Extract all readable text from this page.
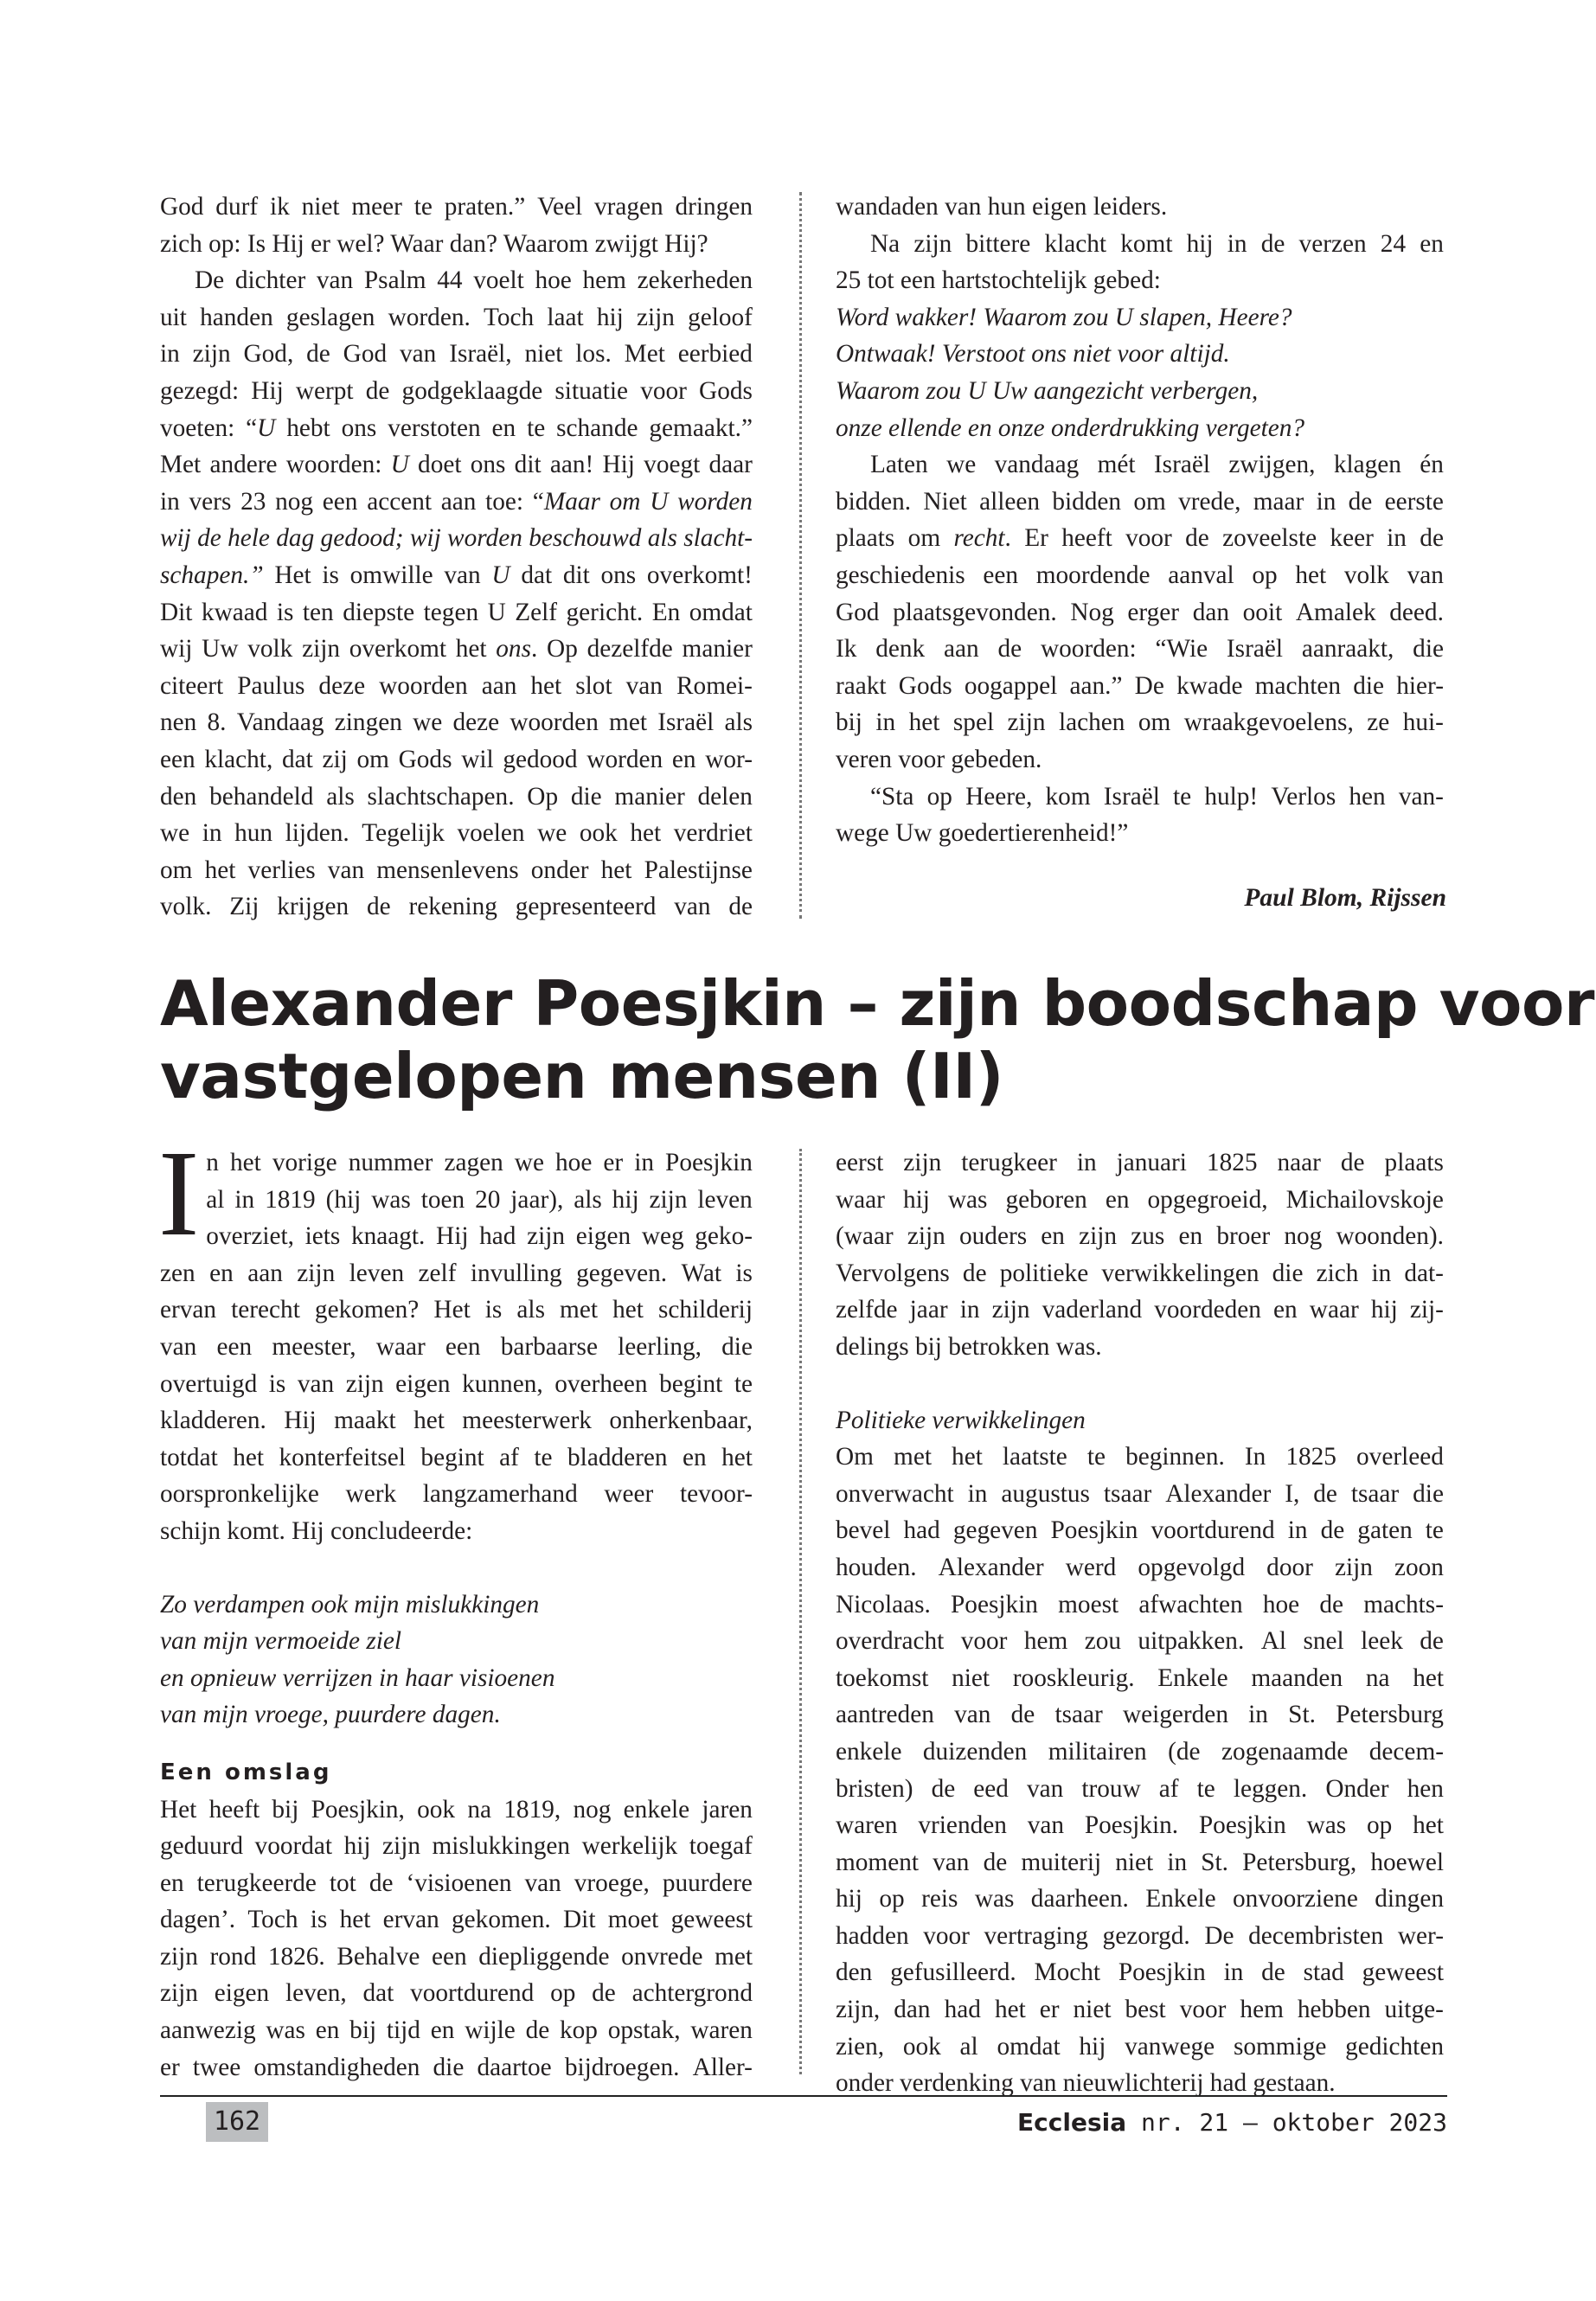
God durf ik niet meer te praten.” Veel vragen dringen
zich op: Is Hij er wel? Waar dan? Waarom zwijgt Hij?
De dichter van Psalm 44 voelt hoe hem zekerheden
uit handen geslagen worden. Toch laat hij zijn geloof
in zijn God, de God van Israël, niet los. Met eerbied
gezegd: Hij werpt de godgeklaagde situatie voor Gods
voeten: “U hebt ons verstoten en te schande gemaakt.”
Met andere woorden: U doet ons dit aan! Hij voegt daar
in vers 23 nog een accent aan toe: “Maar om U worden
wij de hele dag gedood; wij worden beschouwd als slacht-
schapen.” Het is omwille van U dat dit ons overkomt!
Dit kwaad is ten diepste tegen U Zelf gericht. En omdat
wij Uw volk zijn overkomt het ons. Op dezelfde manier
citeert Paulus deze woorden aan het slot van Romei-
nen 8. Vandaag zingen we deze woorden met Israël als
een klacht, dat zij om Gods wil gedood worden en wor-
den behandeld als slachtschapen. Op die manier delen
we in hun lijden. Tegelijk voelen we ook het verdriet
om het verlies van mensenlevens onder het Palestijnse
volk. Zij krijgen de rekening gepresenteerd van de
wandaden van hun eigen leiders.
Na zijn bittere klacht komt hij in de verzen 24 en
25 tot een hartstochtelijk gebed:
Word wakker! Waarom zou U slapen, Heere?
Ontwaak! Verstoot ons niet voor altijd.
Waarom zou U Uw aangezicht verbergen,
onze ellende en onze onderdrukking vergeten?
Laten we vandaag mét Israël zwijgen, klagen én
bidden. Niet alleen bidden om vrede, maar in de eerste
plaats om recht. Er heeft voor de zoveelste keer in de
geschiedenis een moordende aanval op het volk van
God plaatsgevonden. Nog erger dan ooit Amalek deed.
Ik denk aan de woorden: “Wie Israël aanraakt, die
raakt Gods oogappel aan.” De kwade machten die hier-
bij in het spel zijn lachen om wraakgevoelens, ze hui-
veren voor gebeden.
“Sta op Heere, kom Israël te hulp! Verlos hen van-
wege Uw goedertierenheid!”
Paul Blom, Rijssen
Alexander Poesjkin – zijn boodschap voor
vastgelopen mensen (II)
I n het vorige nummer zagen we hoe er in Poesjkin
al in 1819 (hij was toen 20 jaar), als hij zijn leven
overziet, iets knaagt. Hij had zijn eigen weg geko-
zen en aan zijn leven zelf invulling gegeven. Wat is
ervan terecht gekomen? Het is als met het schilderij
van een meester, waar een barbaarse leerling, die
overtuigd is van zijn eigen kunnen, overheen begint te
kladderen. Hij maakt het meesterwerk onherkenbaar,
totdat het konterfeitsel begint af te bladderen en het
oorspronkelijke werk langzamerhand weer tevoor-
schijn komt. Hij concludeerde:
Zo verdampen ook mijn mislukkingen
van mijn vermoeide ziel
en opnieuw verrijzen in haar visioenen
van mijn vroege, puurdere dagen.
Een omslag
Het heeft bij Poesjkin, ook na 1819, nog enkele jaren
geduurd voordat hij zijn mislukkingen werkelijk toegaf
en terugkeerde tot de ‘visioenen van vroege, puurdere
dagen’. Toch is het ervan gekomen. Dit moet geweest
zijn rond 1826. Behalve een diepliggende onvrede met
zijn eigen leven, dat voortdurend op de achtergrond
aanwezig was en bij tijd en wijle de kop opstak, waren
er twee omstandigheden die daartoe bijdroegen. Aller-
eerst zijn terugkeer in januari 1825 naar de plaats
waar hij was geboren en opgegroeid, Michailovskoje
(waar zijn ouders en zijn zus en broer nog woonden).
Vervolgens de politieke verwikkelingen die zich in dat-
zelfde jaar in zijn vaderland voordeden en waar hij zij-
delings bij betrokken was.
Politieke verwikkelingen
Om met het laatste te beginnen. In 1825 overleed
onverwacht in augustus tsaar Alexander I, de tsaar die
bevel had gegeven Poesjkin voortdurend in de gaten te
houden. Alexander werd opgevolgd door zijn zoon
Nicolaas. Poesjkin moest afwachten hoe de machts-
overdracht voor hem zou uitpakken. Al snel leek de
toekomst niet rooskleurig. Enkele maanden na het
aantreden van de tsaar weigerden in St. Petersburg
enkele duizenden militairen (de zogenaamde decem-
bristen) de eed van trouw af te leggen. Onder hen
waren vrienden van Poesjkin. Poesjkin was op het
moment van de muiterij niet in St. Petersburg, hoewel
hij op reis was daarheen. Enkele onvoorziene dingen
hadden voor vertraging gezorgd. De decembristen wer-
den gefusilleerd. Mocht Poesjkin in de stad geweest
zijn, dan had het er niet best voor hem hebben uitge-
zien, ook al omdat hij vanwege sommige gedichten
onder verdenking van nieuwlichterij had gestaan.
162	Ecclesia nr. 21 – oktober 2023
